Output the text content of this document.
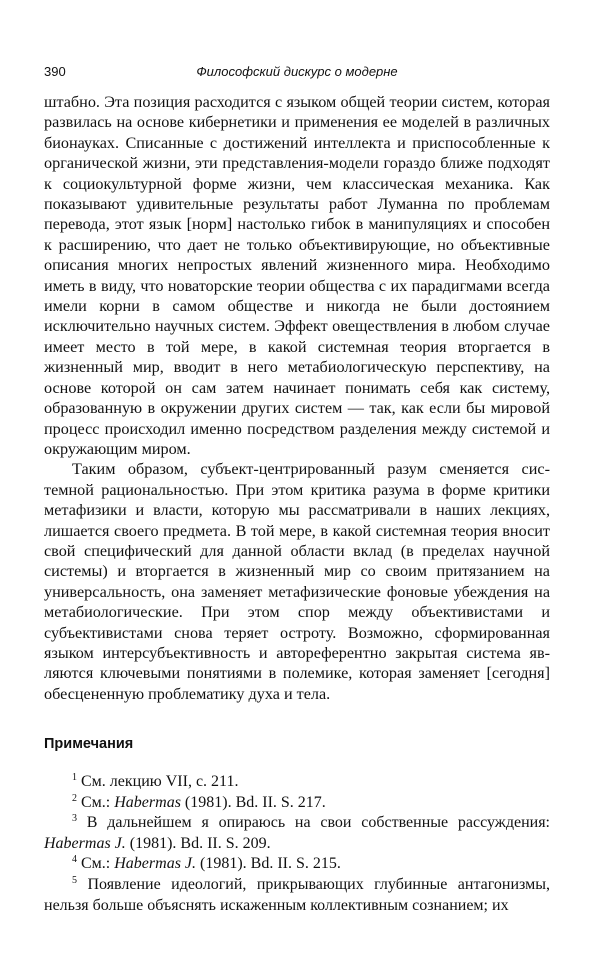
390	Философский дискурс о модерне

штабно. Эта позиция расходится с языком общей теории систем, которая развилась на основе кибернетики и применения ее моделей в различных бионауках. Списанные с достижений интеллекта и приспособленные к органической жизни, эти представления-модели гораздо ближе подходят к социокультурной форме жизни, чем классическая механика. Как показывают удивительные результаты работ Луманна по проблемам перевода, этот язык [норм] настолько гибок в манипуляциях и способен к расширению, что дает не только объективирующие, но объективные описания многих непростых явлений жизненного мира. Необходимо иметь в виду, что новаторские теории общества с их парадигмами всегда имели корни в самом обществе и никогда не были достоянием исключительно научных систем. Эффект овеществления в любом случае имеет место в той мере, в какой системная теория вторгается в жизненный мир, вводит в него метабиологическую перспективу, на основе которой он сам затем начинает понимать себя как систему, образованную в окружении других систем — так, как если бы мировой процесс происходил именно посредством разделения между системой и окружающим миром.

Таким образом, субъект-центрированный разум сменяется системной рациональностью. При этом критика разума в форме критики метафизики и власти, которую мы рассматривали в наших лекциях, лишается своего предмета. В той мере, в какой системная теория вносит свой специфический для данной области вклад (в пределах научной системы) и вторгается в жизненный мир со своим притязанием на универсальность, она заменяет метафизические фоновые убеждения на метабиологические. При этом спор между объективистами и субъективистами снова теряет остроту. Возможно, сформированная языком интерсубъективность и автореферентно закрытая система являются ключевыми понятиями в полемике, которая заменяет [сегодня] обесцененную проблематику духа и тела.

Примечания

$^1$ См. лекцию VII, с. 211.

$^2$ См.: Habermas (1981). Bd. II. S. 217.

$^3$ В дальнейшем я опираюсь на свои собственные рассуждения: Habermas J. (1981). Bd. II. S. 209.

$^4$ См.: Habermas J. (1981). Bd. II. S. 215.

$^5$ Появление идеологий, прикрывающих глубинные антагонизмы, нельзя больше объяснять искаженным коллективным сознанием; их
